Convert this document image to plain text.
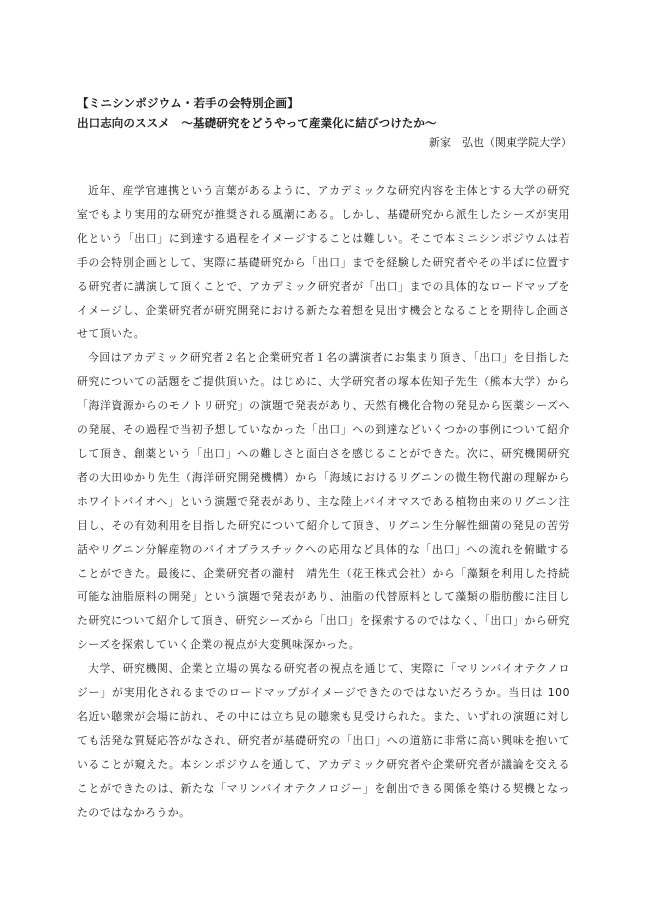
【ミニシンポジウム・若手の会特別企画】
出口志向のススメ　～基礎研究をどうやって産業化に結びつけたか～
新家　弘也（関東学院大学）

近年、産学官連携という言葉があるように、アカデミックな研究内容を主体とする大学の研究室でもより実用的な研究が推奨される風潮にある。しかし、基礎研究から派生したシーズが実用化という「出口」に到達する過程をイメージすることは難しい。そこで本ミニシンポジウムは若手の会特別企画として、実際に基礎研究から「出口」までを経験した研究者やその半ばに位置する研究者に講演して頂くことで、アカデミック研究者が「出口」までの具体的なロードマップをイメージし、企業研究者が研究開発における新たな着想を見出す機会となることを期待し企画させて頂いた。

今回はアカデミック研究者２名と企業研究者１名の講演者にお集まり頂き、「出口」を目指した研究についての話題をご提供頂いた。はじめに、大学研究者の塚本佐知子先生（熊本大学）から「海洋資源からのモノトリ研究」の演題で発表があり、天然有機化合物の発見から医薬シーズへの発展、その過程で当初予想していなかった「出口」への到達などいくつかの事例について紹介して頂き、創薬という「出口」への難しさと面白さを感じることができた。次に、研究機関研究者の大田ゆかり先生（海洋研究開発機構）から「海域におけるリグニンの微生物代謝の理解からホワイトバイオへ」という演題で発表があり、主な陸上バイオマスである植物由来のリグニン注目し、その有効利用を目指した研究について紹介して頂き、リグニン生分解性細菌の発見の苦労話やリグニン分解産物のバイオプラスチックへの応用など具体的な「出口」への流れを俯瞰することができた。最後に、企業研究者の瀧村　靖先生（花王株式会社）から「藻類を利用した持続可能な油脂原料の開発」という演題で発表があり、油脂の代替原料として藻類の脂肪酸に注目した研究について紹介して頂き、研究シーズから「出口」を探索するのではなく、「出口」から研究シーズを探索していく企業の視点が大変興味深かった。

大学、研究機関、企業と立場の異なる研究者の視点を通じて、実際に「マリンバイオテクノロジー」が実用化されるまでのロードマップがイメージできたのではないだろうか。当日は 100 名近い聴衆が会場に訪れ、その中には立ち見の聴衆も見受けられた。また、いずれの演題に対しても活発な質疑応答がなされ、研究者が基礎研究の「出口」への道筋に非常に高い興味を抱いていることが窺えた。本シンポジウムを通して、アカデミック研究者や企業研究者が議論を交えることができたのは、新たな「マリンバイオテクノロジー」を創出できる関係を築ける契機となったのではなかろうか。
